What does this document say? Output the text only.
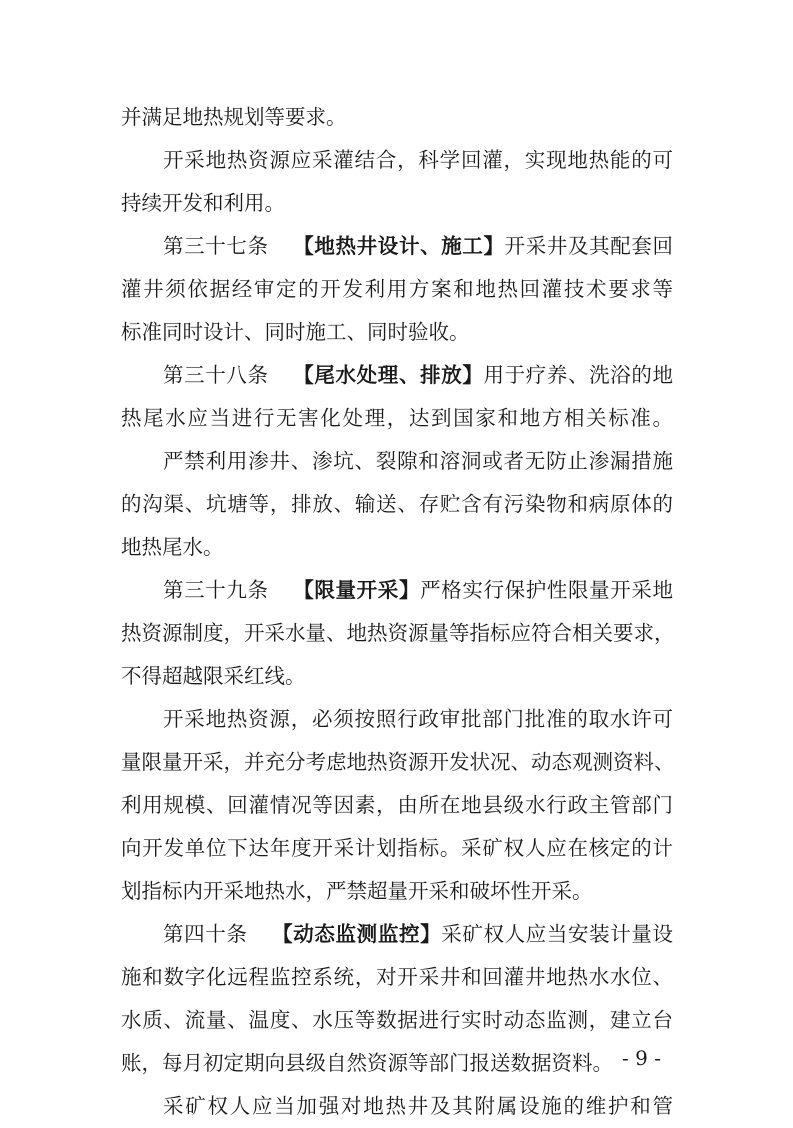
并满足地热规划等要求。
开采地热资源应采灌结合，科学回灌，实现地热能的可
持续开发和利用。
第三十七条 【地热井设计、施工】开采井及其配套回
灌井须依据经审定的开发利用方案和地热回灌技术要求等
标准同时设计、同时施工、同时验收。
第三十八条 【尾水处理、排放】用于疗养、洗浴的地
热尾水应当进行无害化处理，达到国家和地方相关标准。
严禁利用渗井、渗坑、裂隙和溶洞或者无防止渗漏措施
的沟渠、坑塘等，排放、输送、存贮含有污染物和病原体的
地热尾水。
第三十九条 【限量开采】严格实行保护性限量开采地
热资源制度，开采水量、地热资源量等指标应符合相关要求，
不得超越限采红线。
开采地热资源，必须按照行政审批部门批准的取水许可
量限量开采，并充分考虑地热资源开发状况、动态观测资料、
利用规模、回灌情况等因素，由所在地县级水行政主管部门
向开发单位下达年度开采计划指标。采矿权人应在核定的计
划指标内开采地热水，严禁超量开采和破坏性开采。
第四十条 【动态监测监控】采矿权人应当安装计量设
施和数字化远程监控系统，对开采井和回灌井地热水水位、
水质、流量、温度、水压等数据进行实时动态监测，建立台
账，每月初定期向县级自然资源等部门报送数据资料。
采矿权人应当加强对地热井及其附属设施的维护和管
- 9 -
